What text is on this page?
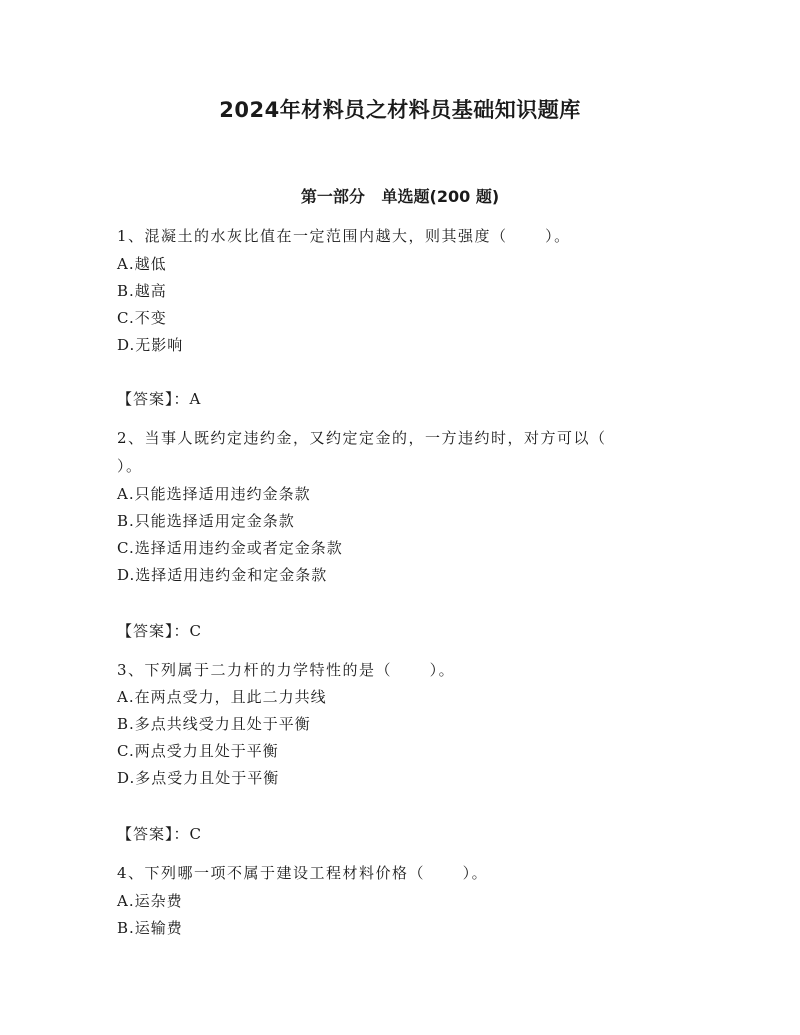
2024年材料员之材料员基础知识题库
第一部分   单选题(200 题)
1、混凝土的水灰比值在一定范围内越大，则其强度（      ）。
A.越低
B.越高
C.不变
D.无影响
【答案】：A
2、当事人既约定违约金，又约定定金的，一方违约时，对方可以（
）。
A.只能选择适用违约金条款
B.只能选择适用定金条款
C.选择适用违约金或者定金条款
D.选择适用违约金和定金条款
【答案】：C
3、下列属于二力杆的力学特性的是（      ）。
A.在两点受力，且此二力共线
B.多点共线受力且处于平衡
C.两点受力且处于平衡
D.多点受力且处于平衡
【答案】：C
4、下列哪一项不属于建设工程材料价格（      ）。
A.运杂费
B.运输费
